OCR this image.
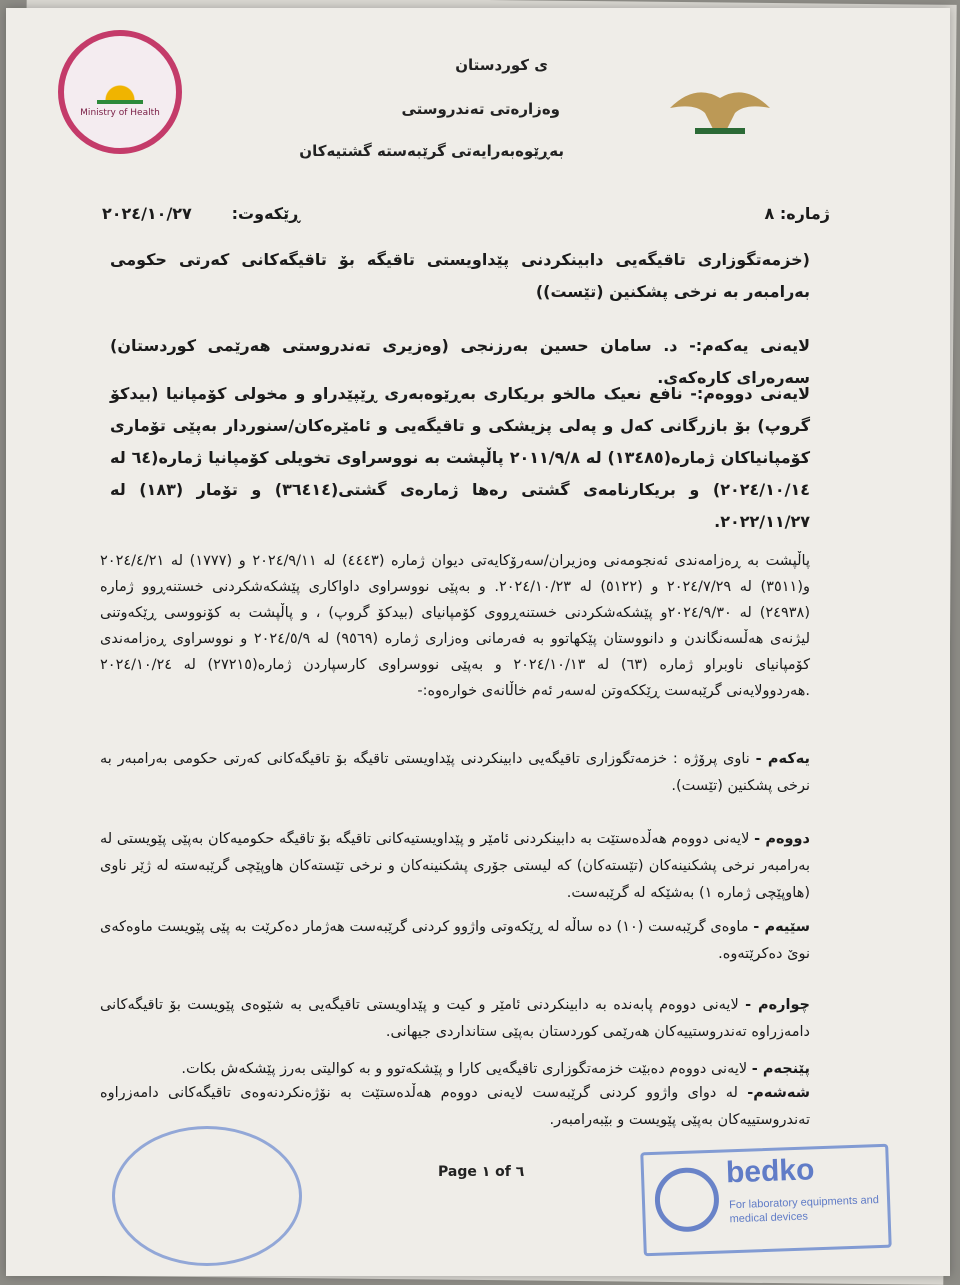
Ministry of Health
ی کوردستان
وەزارەتی تەندروستی
بەڕێوەبەرایەتی گرێبەستە گشتیەکان
ژمارە: ٨
ڕێکەوت:
٢٠٢٤/١٠/٢٧
(خزمەتگوزاری تاقیگەیی دابینکردنی پێداویستی تاقیگە بۆ تاقیگەکانی کەرتی حکومی بەرامبەر بە نرخی پشکنین (تێست))
لایەنی یەکەم:- د. سامان حسین بەرزنجی (وەزیری تەندروستی هەرێمی کوردستان) سەرەرای کارەکەی.
لایەنی دووەم:- نافع نعیک مالخو بریکاری بەڕێوەبەری ڕێپێدراو و مخولی کۆمپانیا (بیدکۆ گروپ) بۆ بازرگانی کەل و پەلی پزیشکی و تاقیگەیی و ئامێرەکان/سنوردار بەپێی تۆماری کۆمپانیاکان ژمارە(١٣٤٨٥) لە ٢٠١١/٩/٨ پاڵپشت بە نووسراوی تخویلی کۆمپانیا ژمارە(٦٤ لە ٢٠٢٤/١٠/١٤) و بریکارنامەی گشتی رەها ژمارەی گشتی(٣٦٤١٤) و تۆمار (١٨٣) لە ٢٠٢٢/١١/٢٧.
پاڵپشت بە ڕەزامەندی ئەنجومەنی وەزیران/سەرۆکایەتی دیوان ژمارە (٤٤٤٣) لە ٢٠٢٤/٩/١١ و (١٧٧٧) لە ٢٠٢٤/٤/٢١ و(٣٥١١) لە ٢٠٢٤/٧/٢٩ و (٥١٢٢) لە ٢٠٢٤/١٠/٢٣. و بەپێی نووسراوی داواکاری پێشکەشکردنی خستنەڕوو ژمارە (٢٤٩٣٨) لە ٢٠٢٤/٩/٣٠و پێشکەشکردنی خستنەڕووی کۆمپانیای (بیدکۆ گروپ) ، و پاڵپشت بە کۆنووسی ڕێکەوتنی لیژنەی هەڵسەنگاندن و دانووستان پێکهاتوو بە فەرمانی وەزاری ژمارە (٩٥٦٩) لە ٢٠٢٤/٥/٩ و نووسراوی ڕەزامەندی کۆمپانیای ناوبراو ژمارە (٦٣) لە ٢٠٢٤/١٠/١٣ و بەپێی نووسراوی کارسپاردن ژمارە(٢٧٢١٥) لە ٢٠٢٤/١٠/٢٤ .هەردوولایەنی گرێبەست ڕێککەوتن لەسەر ئەم خاڵانەی خوارەوە:-
یەکەم - ناوی پرۆژە : خزمەتگوزاری تاقیگەیی دابینکردنی پێداویستی تاقیگە بۆ تاقیگەکانی کەرتی حکومی بەرامبەر بە نرخی پشکنین (تێست).
دووەم - لایەنی دووەم هەڵدەستێت بە دابینکردنی ئامێر و پێداویستیەکانی تاقیگە بۆ تاقیگە حکومیەکان بەپێی پێویستی لە بەرامبەر نرخی پشکنینەکان (تێستەکان) کە لیستی جۆری پشکنینەکان و نرخی تێستەکان هاوپێچی گرێبەستە لە ژێر ناوی (هاوپێچی ژمارە ١) بەشێکە لە گرێبەست.
سێیەم - ماوەی گرێبەست (١٠) دە ساڵە لە ڕێکەوتی واژوو کردنی گرێبەست هەژمار دەکرێت بە پێی پێویست ماوەکەی نوێ دەکرێتەوە.
چوارەم - لایەنی دووەم پابەندە بە دابینکردنی ئامێر و کیت و پێداویستی تاقیگەیی بە شێوەی پێویست بۆ تاقیگەکانی دامەزراوە تەندروستییەکان هەرێمی کوردستان بەپێی ستانداردی جیهانی.
پێنجەم - لایەنی دووەم دەبێت خزمەتگوزاری تاقیگەیی کارا و پێشکەتوو و بە کوالیتی بەرز پێشکەش بکات.
شەشەم- لە دوای واژوو کردنی گرێبەست لایەنی دووەم هەڵدەستێت بە نۆژەنکردنەوەی تاقیگەکانی دامەزراوە تەندروستییەکان بەپێی پێویست و بێبەرامبەر.
Page ١ of ٦	bedko
For laboratory equipments and medical devices
